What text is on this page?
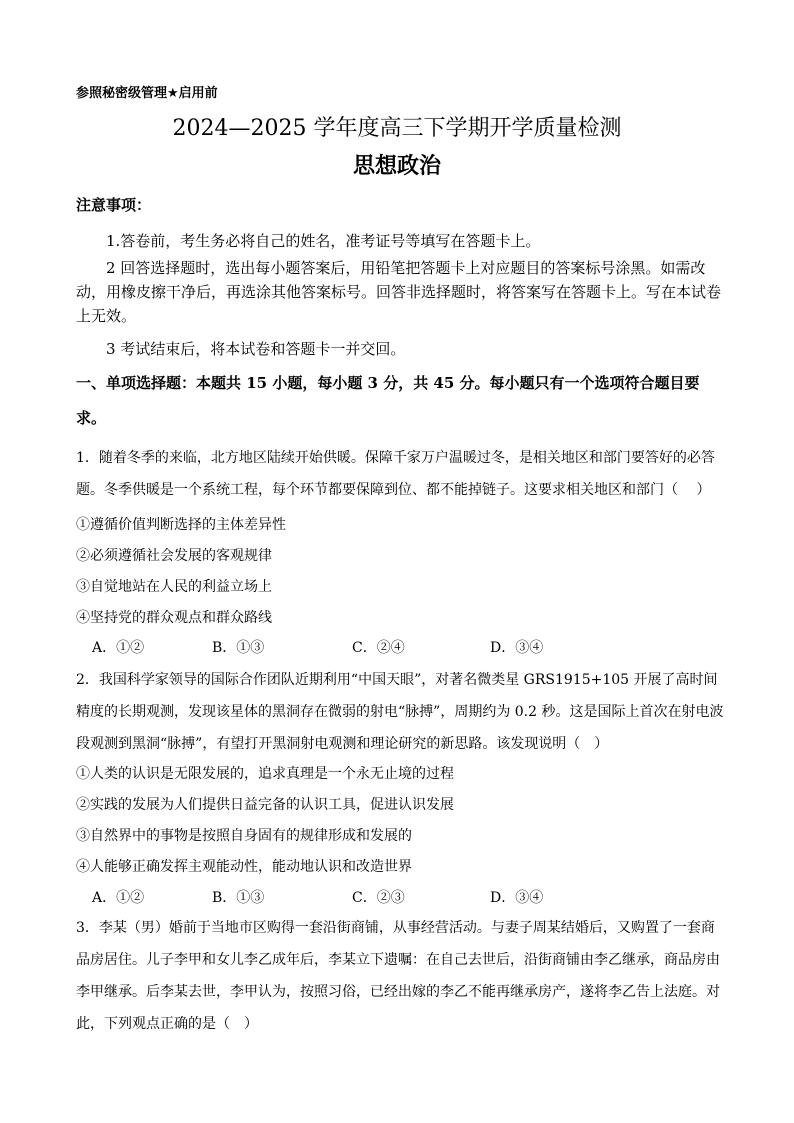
参照秘密级管理★启用前
2024—2025 学年度高三下学期开学质量检测
思想政治
注意事项：
1.答卷前，考生务必将自己的姓名，准考证号等填写在答题卡上。
2 回答选择题时，选出每小题答案后，用铅笔把答题卡上对应题目的答案标号涂黑。如需改动，用橡皮擦干净后，再选涂其他答案标号。回答非选择题时，将答案写在答题卡上。写在本试卷上无效。
3 考试结束后，将本试卷和答题卡一并交回。
一、单项选择题：本题共 15 小题，每小题 3 分，共 45 分。每小题只有一个选项符合题目要求。
1．随着冬季的来临，北方地区陆续开始供暖。保障千家万户温暖过冬，是相关地区和部门要答好的必答题。冬季供暖是一个系统工程，每个环节都要保障到位、都不能掉链子。这要求相关地区和部门（　 ）
①遵循价值判断选择的主体差异性
②必须遵循社会发展的客观规律
③自觉地站在人民的利益立场上
④坚持党的群众观点和群众路线
A．①②	B．①③	C．②④	D．③④
2．我国科学家领导的国际合作团队近期利用“中国天眼”，对著名微类星 GRS1915+105 开展了高时间精度的长期观测，发现该星体的黑洞存在微弱的射电“脉搏”，周期约为 0.2 秒。这是国际上首次在射电波段观测到黑洞“脉搏”，有望打开黑洞射电观测和理论研究的新思路。该发现说明（　）
①人类的认识是无限发展的，追求真理是一个永无止境的过程
②实践的发展为人们提供日益完备的认识工具，促进认识发展
③自然界中的事物是按照自身固有的规律形成和发展的
④人能够正确发挥主观能动性，能动地认识和改造世界
A．①②	B．①③	C．②③	D．③④
3．李某（男）婚前于当地市区购得一套沿街商铺，从事经营活动。与妻子周某结婚后，又购置了一套商品房居住。儿子李甲和女儿李乙成年后，李某立下遗嘱：在自己去世后，沿街商铺由李乙继承，商品房由李甲继承。后李某去世，李甲认为，按照习俗，已经出嫁的李乙不能再继承房产，遂将李乙告上法庭。对此，下列观点正确的是（　）
